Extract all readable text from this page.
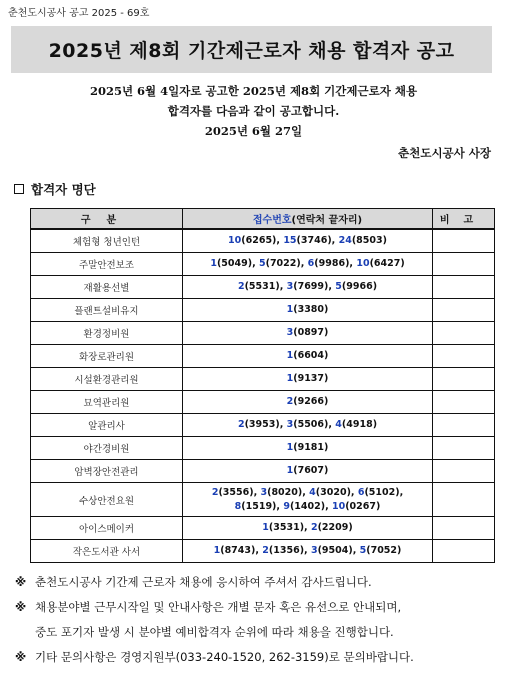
춘천도시공사 공고 2025 - 69호
2025년 제8회 기간제근로자 채용 합격자 공고
2025년 6월 4일자로 공고한 2025년 제8회 기간제근로자 채용
합격자를 다음과 같이 공고합니다.
2025년 6월 27일
춘천도시공사 사장
합격자 명단
구분	접수번호(연락처 끝자리)	비고
체험형 청년인턴	10(6265), 15(3746), 24(8503)	
주말안전보조	1(5049), 5(7022), 6(9986), 10(6427)	
재활용선별	2(5531), 3(7699), 5(9966)	
플랜트설비유지	1(3380)	
환경정비원	3(0897)	
화장로관리원	1(6604)	
시설환경관리원	1(9137)	
묘역관리원	2(9266)	
알관리사	2(3953), 3(5506), 4(4918)	
야간경비원	1(9181)	
암벽장안전관리	1(7607)	
수상안전요원	2(3556), 3(8020), 4(3020), 6(5102),
8(1519), 9(1402), 10(0267)	
아이스메이커	1(3531), 2(2209)	
작은도서관 사서	1(8743), 2(1356), 3(9504), 5(7052)	
※ 춘천도시공사 기간제 근로자 채용에 응시하여 주셔서 감사드립니다.
※ 채용분야별 근무시작일 및 안내사항은 개별 문자 혹은 유선으로 안내되며,
중도 포기자 발생 시 분야별 예비합격자 순위에 따라 채용을 진행합니다.
※ 기타 문의사항은 경영지원부(033-240-1520, 262-3159)로 문의바랍니다.
